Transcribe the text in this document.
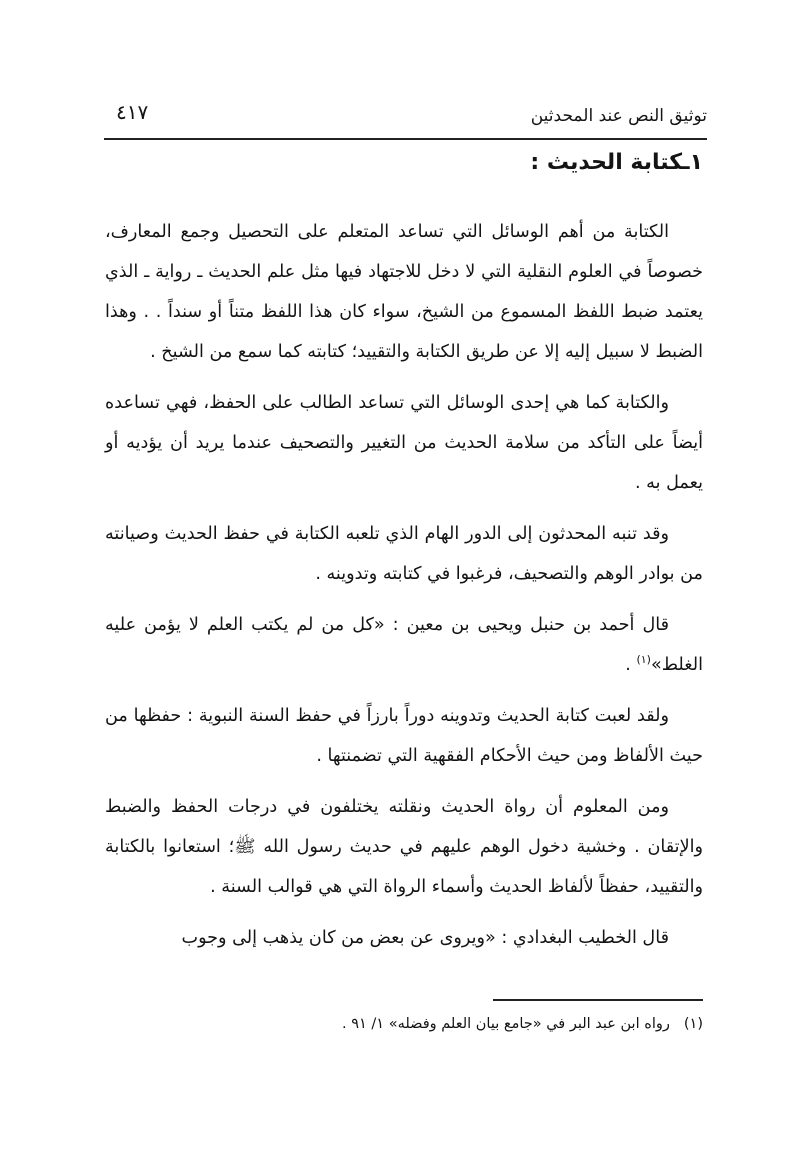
توثيق النص عند المحدثين
٤١٧
١ـكتابة الحديث :

الكتابة من أهم الوسائل التي تساعد المتعلم على التحصيل وجمع المعارف، خصوصاً في العلوم النقلية التي لا دخل للاجتهاد فيها مثل علم الحديث ـ رواية ـ الذي يعتمد ضبط اللفظ المسموع من الشيخ، سواء كان هذا اللفظ متناً أو سنداً . . وهذا الضبط لا سبيل إليه إلا عن طريق الكتابة والتقييد؛ كتابته كما سمع من الشيخ .

والكتابة كما هي إحدى الوسائل التي تساعد الطالب على الحفظ، فهي تساعده أيضاً على التأكد من سلامة الحديث من التغيير والتصحيف عندما يريد أن يؤديه أو يعمل به .

وقد تنبه المحدثون إلى الدور الهام الذي تلعبه الكتابة في حفظ الحديث وصيانته من بوادر الوهم والتصحيف، فرغبوا في كتابته وتدوينه .

قال أحمد بن حنبل ويحيى بن معين : «كل من لم يكتب العلم لا يؤمن عليه الغلط»$^{(١)}$ .

ولقد لعبت كتابة الحديث وتدوينه دوراً بارزاً في حفظ السنة النبوية : حفظها من حيث الألفاظ ومن حيث الأحكام الفقهية التي تضمنتها .

ومن المعلوم أن رواة الحديث ونقلته يختلفون في درجات الحفظ والضبط والإتقان . وخشية دخول الوهم عليهم في حديث رسول الله ﷺ؛ استعانوا بالكتابة والتقييد، حفظاً لألفاظ الحديث وأسماء الرواة التي هي قوالب السنة .

قال الخطيب البغدادي : «ويروى عن بعض من كان يذهب إلى وجوب

(١)رواه ابن عبد البر في «جامع بيان العلم وفضله» ١/ ٩١ .
